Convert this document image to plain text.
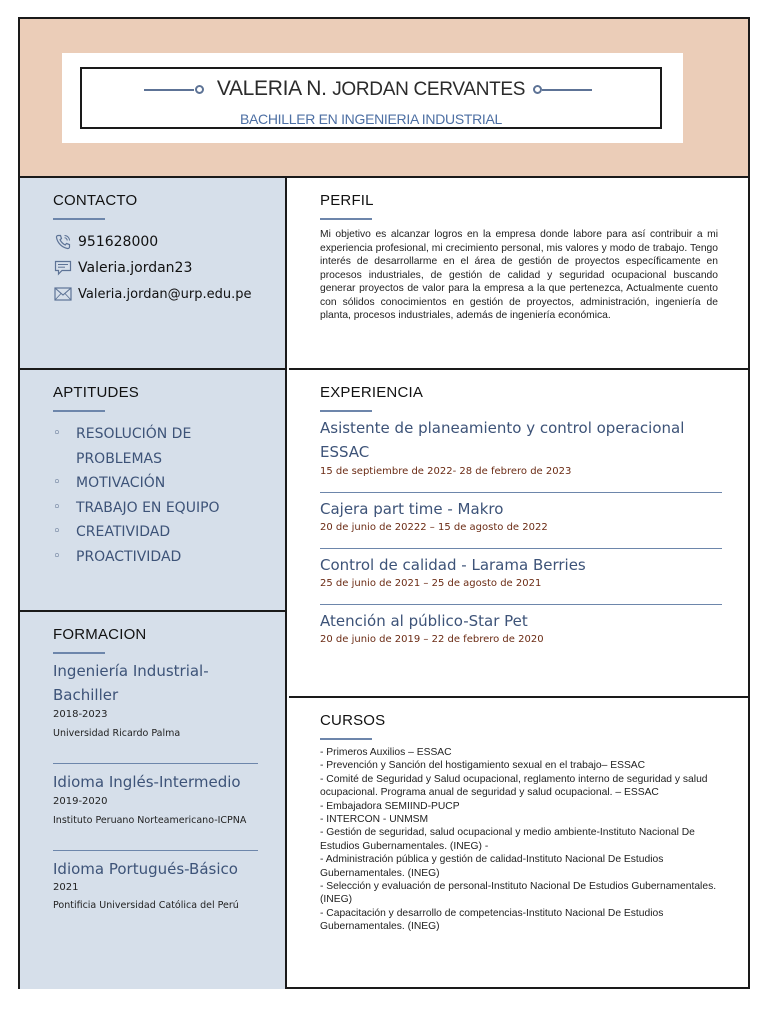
VALERIA N. JORDAN CERVANTES
BACHILLER EN INGENIERIA INDUSTRIAL
CONTACTO
951628000
Valeria.jordan23
Valeria.jordan@urp.edu.pe
APTITUDES
◦ RESOLUCIÓN DE PROBLEMAS
◦ MOTIVACIÓN
◦ TRABAJO EN EQUIPO
◦ CREATIVIDAD
◦ PROACTIVIDAD
FORMACION
Ingeniería Industrial-Bachiller
2018-2023
Universidad Ricardo Palma
Idioma Inglés-Intermedio
2019-2020
Instituto Peruano Norteamericano-ICPNA
Idioma Portugués-Básico
2021
Pontificia Universidad Católica del Perú
PERFIL
Mi objetivo es alcanzar logros en la empresa donde labore para así contribuir a mi experiencia profesional, mi crecimiento personal, mis valores y modo de trabajo. Tengo interés de desarrollarme en el área de gestión de proyectos específicamente en procesos industriales, de gestión de calidad y seguridad ocupacional buscando generar proyectos de valor para la empresa a la que pertenezca, Actualmente cuento con sólidos conocimientos en gestión de proyectos, administración, ingeniería de planta, procesos industriales, además de ingeniería económica.
EXPERIENCIA
Asistente de planeamiento y control operacional ESSAC
15 de septiembre de 2022- 28 de febrero de 2023
Cajera part time - Makro
20 de junio de 20222 – 15 de agosto de 2022
Control de calidad - Larama Berries
25 de junio de 2021 – 25 de agosto de 2021
Atención al público-Star Pet
20 de junio de 2019 – 22 de febrero de 2020
CURSOS
- Primeros Auxilios – ESSAC
- Prevención y Sanción del hostigamiento sexual en el trabajo– ESSAC
- Comité de Seguridad y Salud ocupacional, reglamento interno de seguridad y salud ocupacional. Programa anual de seguridad y salud ocupacional. – ESSAC
- Embajadora SEMIIND-PUCP
- INTERCON - UNMSM
- Gestión de seguridad, salud ocupacional y medio ambiente-Instituto Nacional De Estudios Gubernamentales. (INEG) -
- Administración pública y gestión de calidad-Instituto Nacional De Estudios Gubernamentales. (INEG)
- Selección y evaluación de personal-Instituto Nacional De Estudios Gubernamentales. (INEG)
- Capacitación y desarrollo de competencias-Instituto Nacional De Estudios Gubernamentales. (INEG)
